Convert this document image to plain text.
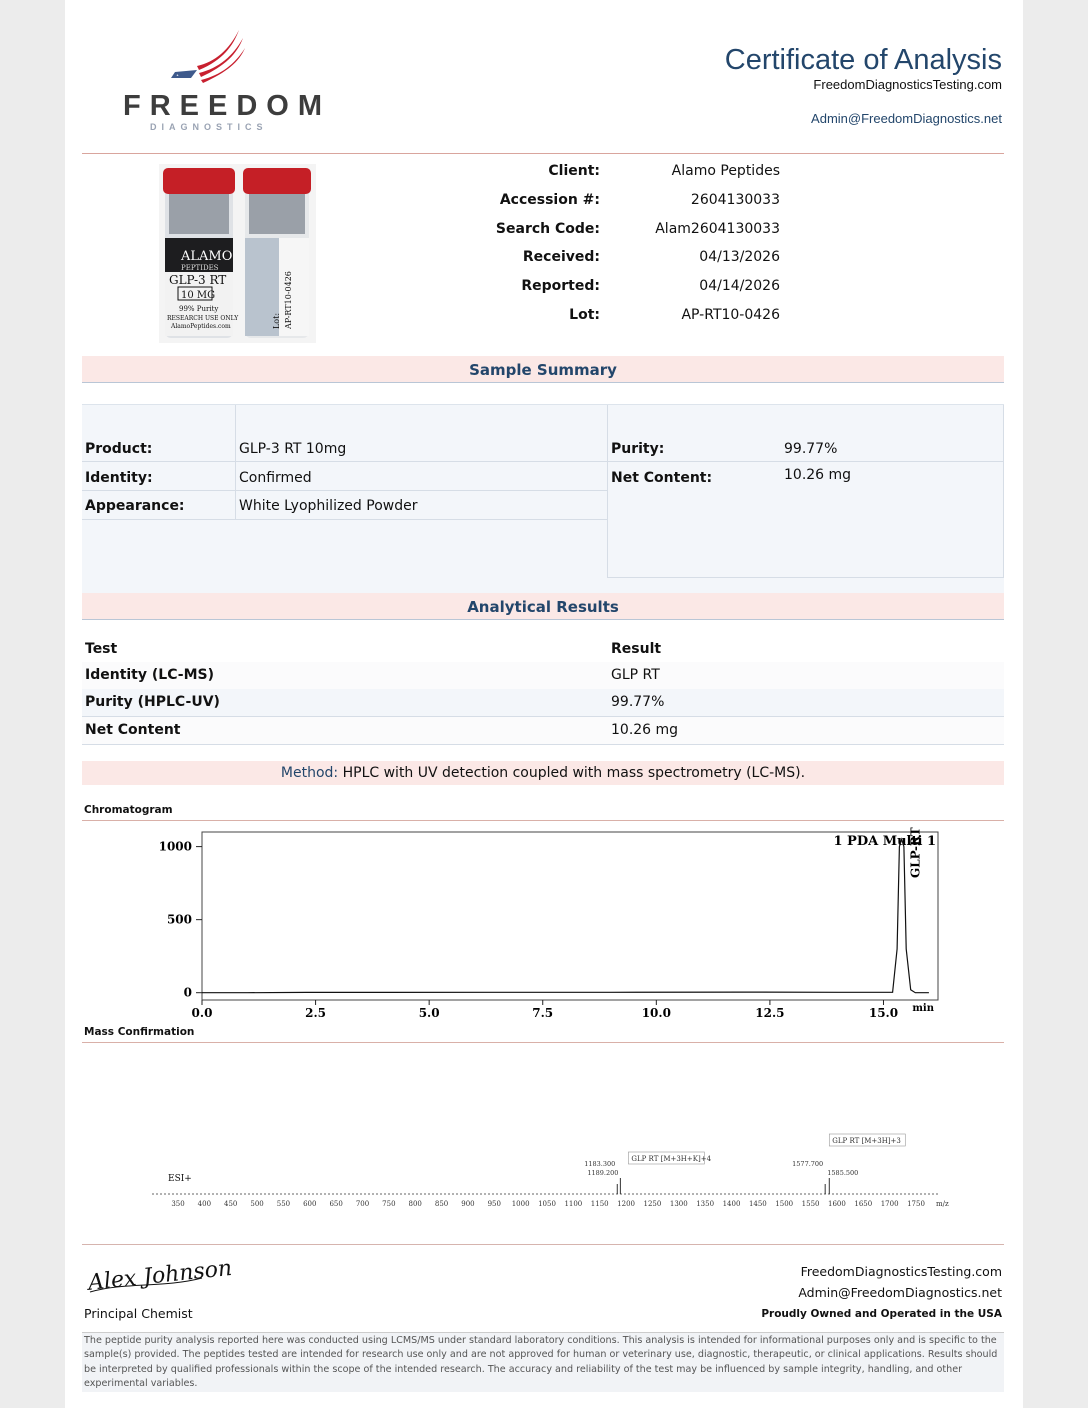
FREEDOM
DIAGNOSTICS
Certificate of Analysis
FreedomDiagnosticsTesting.com
Admin@FreedomDiagnostics.net
ALAMO
PEPTIDES
GLP-3 RT
10 MG
99% Purity
RESEARCH USE ONLY
AlamoPeptides.com	Lot: AP-RT10-0426
Client:	Alamo Peptides
Accession #:	2604130033
Search Code:	Alam2604130033
Received:	04/13/2026
Reported:	04/14/2026
Lot:	AP-RT10-0426
Sample Summary
Product:	GLP-3 RT 10mg
Identity:	Confirmed
Appearance:	White Lyophilized Powder
Purity:	99.77%
Net Content:	10.26 mg
Analytical Results
Test	Result
Identity (LC-MS)	GLP RT
Purity (HPLC-UV)	99.77%
Net Content	10.26 mg
Method: HPLC with UV detection coupled with mass spectrometry (LC-MS).
Chromatogram
0
500
1000
0.0	2.5	5.0	7.5	10.0	12.5	15.0 min
1 PDA Multi 1
GLP-RT
Mass Confirmation
350 400 450 500 550 600 650 700 750 800 850 900 950 1000 1050 1100 1150 1200 1250 1300 1350 1400 1450 1500 1550 1600 1650 1700 1750 m/z
ESI+
1183.300
1189.200
GLP RT [M+3H+K]+4
1577.700
1585.500
GLP RT [M+3H]+3
Alex Johnson
Principal Chemist
FreedomDiagnosticsTesting.com
Admin@FreedomDiagnostics.net
Proudly Owned and Operated in the USA
The peptide purity analysis reported here was conducted using LCMS/MS under standard laboratory conditions. This analysis is intended for informational purposes only and is specific to the sample(s) provided. The peptides tested are intended for research use only and are not approved for human or veterinary use, diagnostic, therapeutic, or clinical applications. Results should be interpreted by qualified professionals within the scope of the intended research. The accuracy and reliability of the test may be influenced by sample integrity, handling, and other experimental variables.
